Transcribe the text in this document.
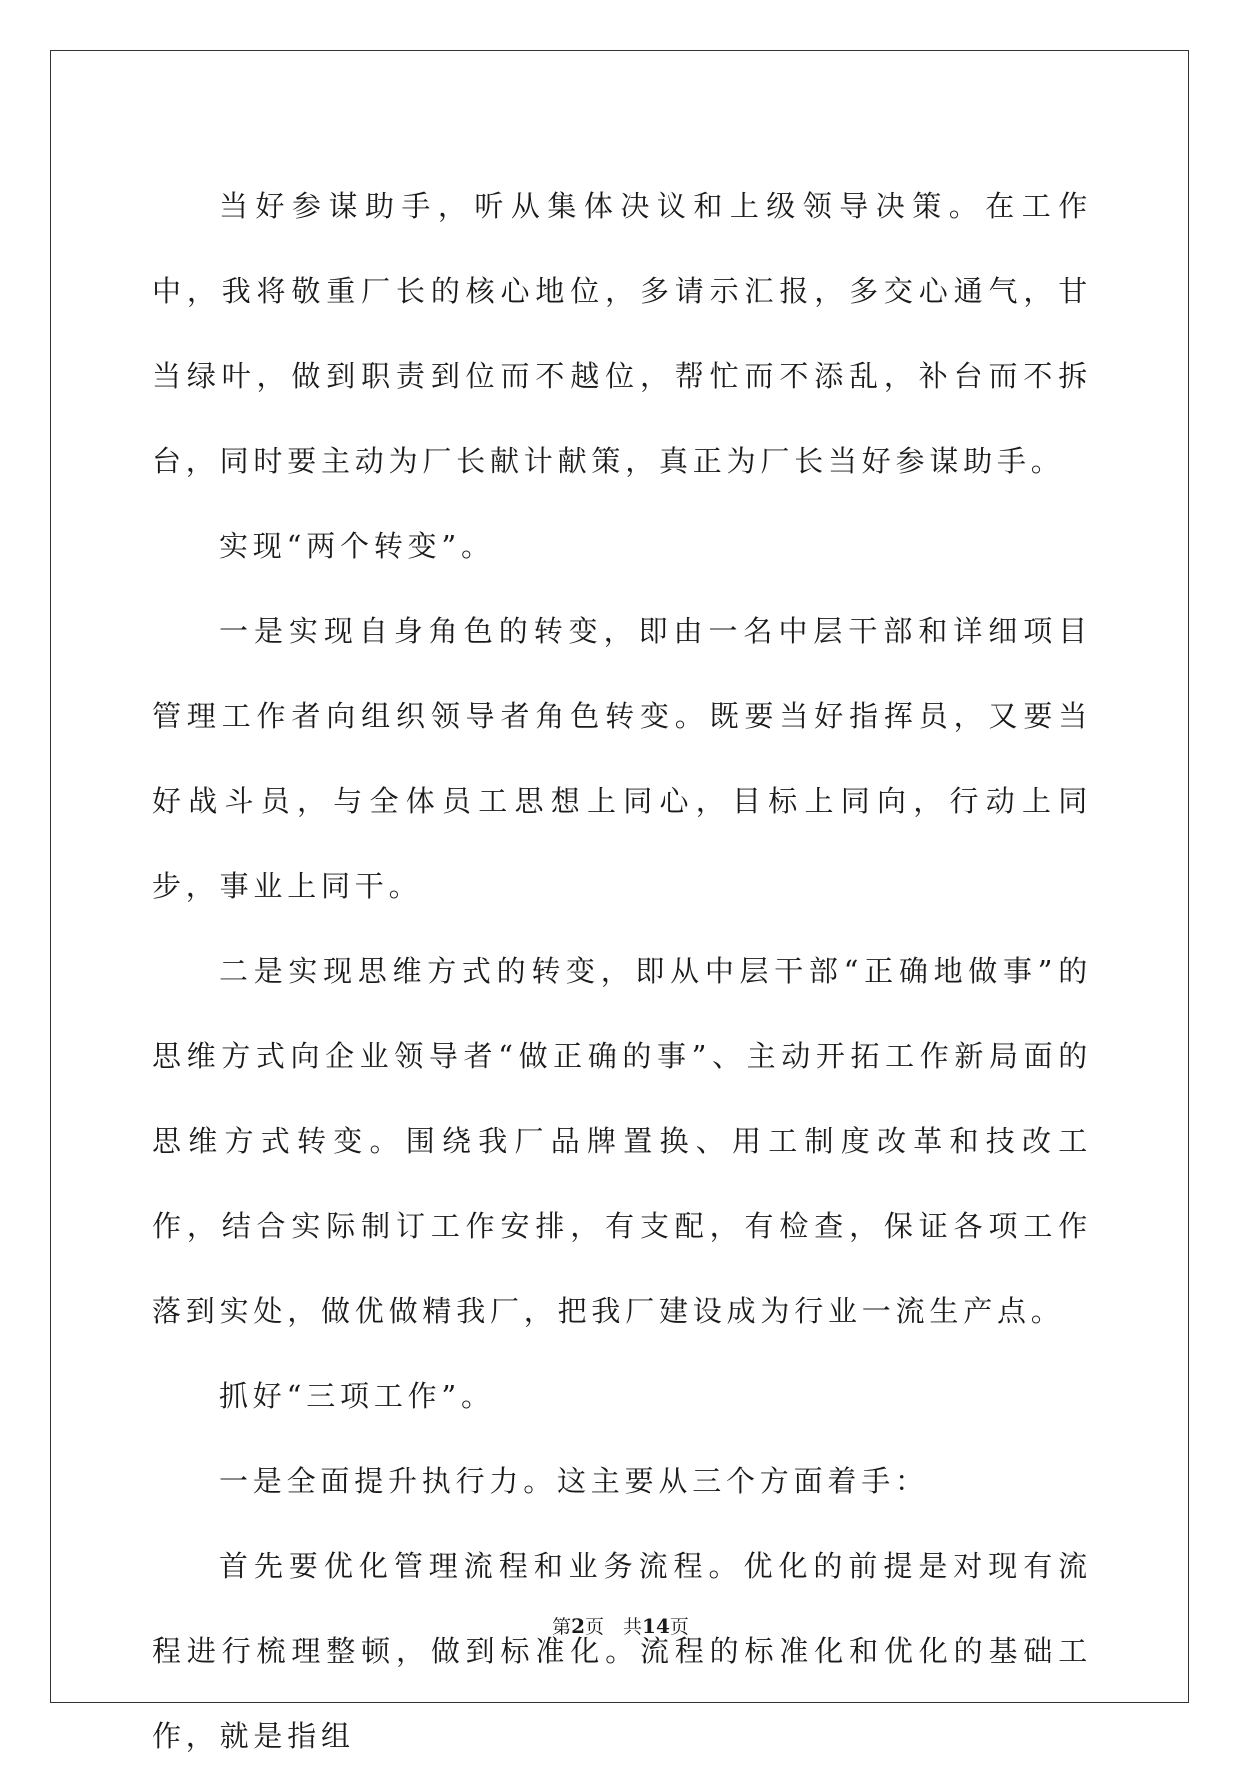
当好参谋助手，听从集体决议和上级领导决策。在工作中，我将敬重厂长的核心地位，多请示汇报，多交心通气，甘当绿叶，做到职责到位而不越位，帮忙而不添乱，补台而不拆台，同时要主动为厂长献计献策，真正为厂长当好参谋助手。

实现“两个转变”。

一是实现自身角色的转变，即由一名中层干部和详细项目管理工作者向组织领导者角色转变。既要当好指挥员，又要当好战斗员，与全体员工思想上同心，目标上同向，行动上同步，事业上同干。

二是实现思维方式的转变，即从中层干部“正确地做事”的思维方式向企业领导者“做正确的事”、主动开拓工作新局面的思维方式转变。围绕我厂品牌置换、用工制度改革和技改工作，结合实际制订工作安排，有支配，有检查，保证各项工作落到实处，做优做精我厂，把我厂建设成为行业一流生产点。

抓好“三项工作”。

一是全面提升执行力。这主要从三个方面着手：

首先要优化管理流程和业务流程。优化的前提是对现有流程进行梳理整顿，做到标准化。流程的标准化和优化的基础工作，就是指组

第2页　共14页
